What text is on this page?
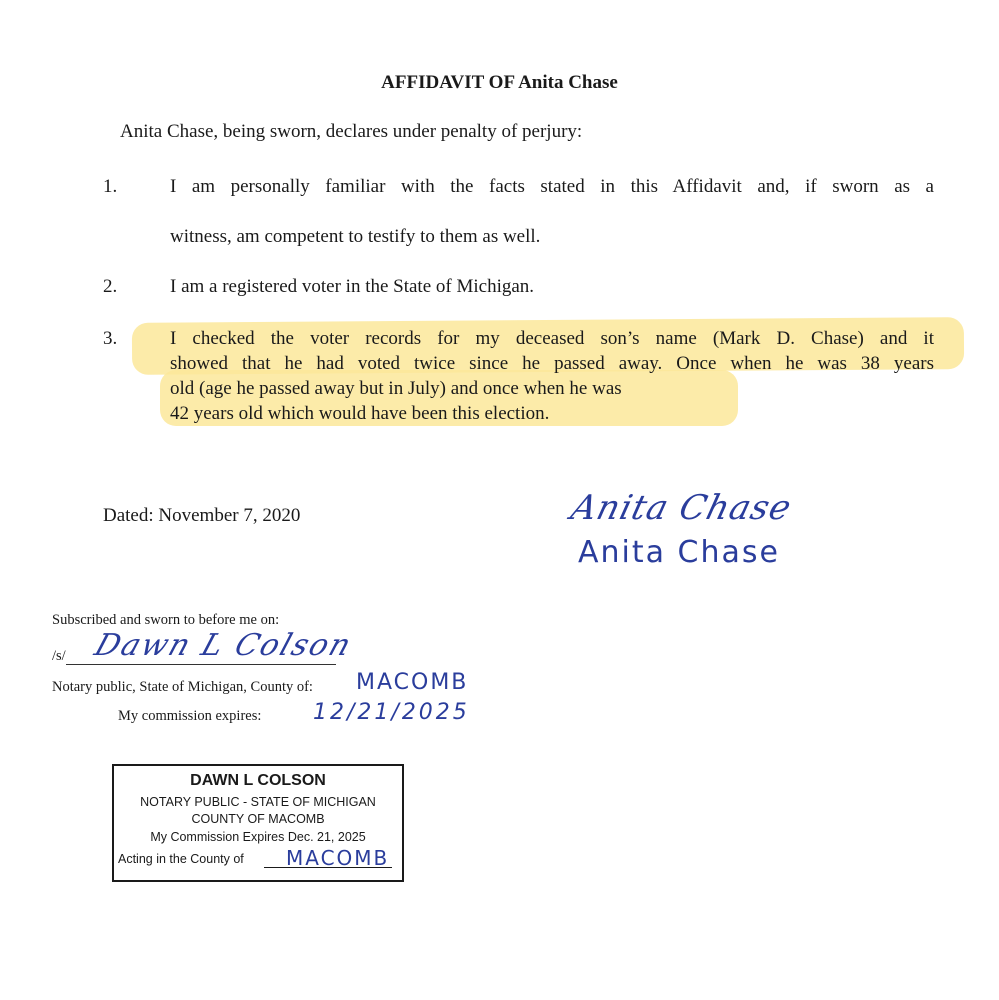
AFFIDAVIT OF Anita Chase
Anita Chase, being sworn, declares under penalty of perjury:
1.	I am personally familiar with the facts stated in this Affidavit and, if sworn as a
witness, am competent to testify to them as well.
2.	I am a registered voter in the State of Michigan.
3.	I checked the voter records for my deceased son’s name (Mark D. Chase) and it
showed that he had voted twice since he passed away. Once when he was 38 years
old (age he passed away but in July) and once when he was
42 years old which would have been this election.
Dated: November 7, 2020	Anita Chase
Anita Chase
Subscribed and sworn to before me on:
/s/ Dawn L Colson
Notary public, State of Michigan, County of: MACOMB
My commission expires: 12/21/2025
DAWN L COLSON
NOTARY PUBLIC - STATE OF MICHIGAN
COUNTY OF MACOMB
My Commission Expires Dec. 21, 2025
Acting in the County of MACOMB
